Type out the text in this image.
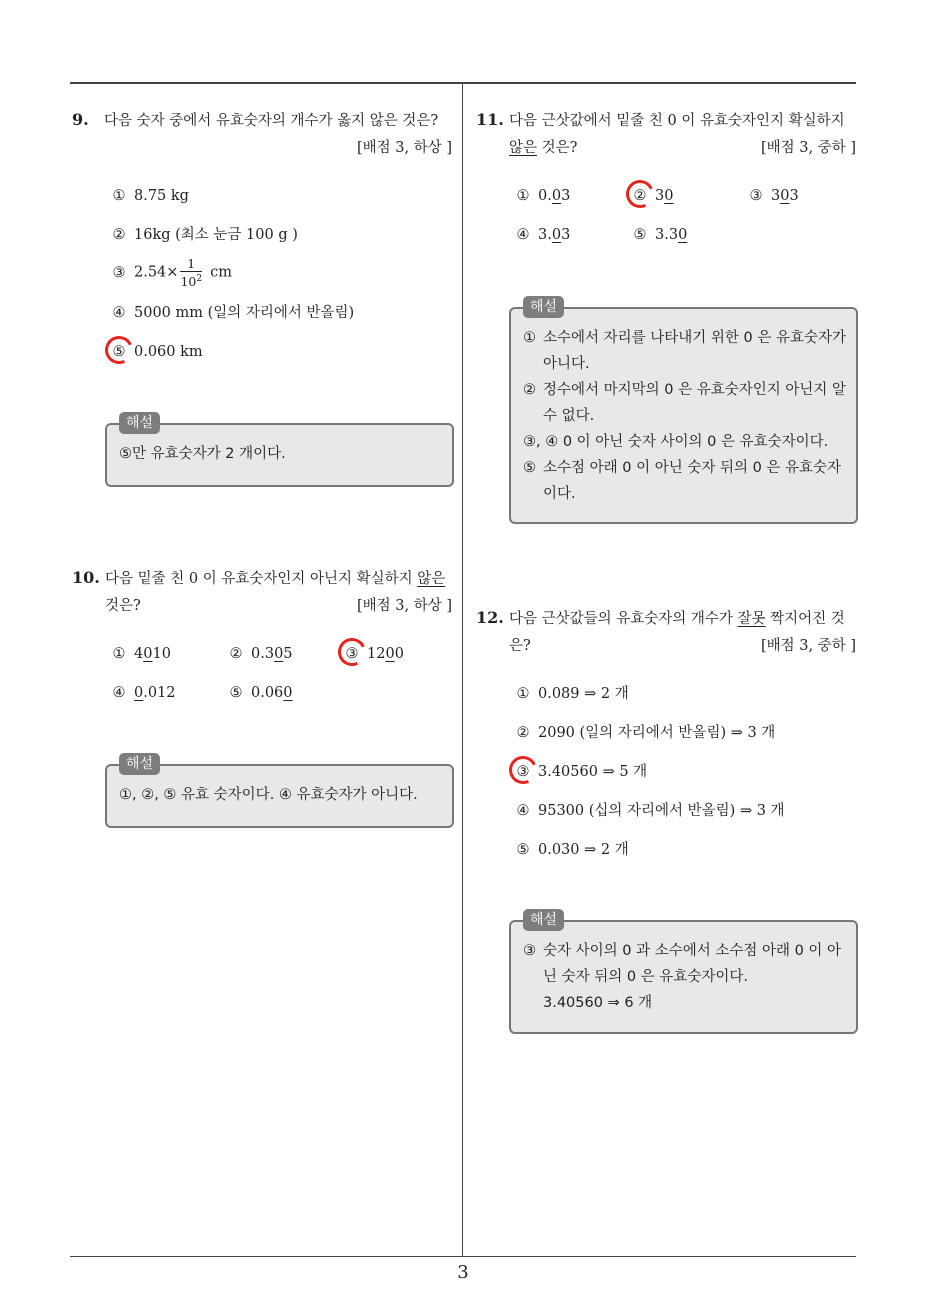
9. 다음 숫자 중에서 유효숫자의 개수가 옳지 않은 것은?
[배점 3, 하상 ]
① 8.75 kg
② 16kg (최소 눈금 100 g )
③ $2.54\times \frac{1}{10^2}$ cm
④ 5000 mm (일의 자리에서 반올림)
⑤ 0.060 km
해설
⑤만 유효숫자가 2 개이다.
10. 다음 밑줄 친 0 이 유효숫자인지 아닌지 확실하지 않은
것은?	[배점 3, 하상 ]
① 4010	② 0.305	③ 1200
④ 0.012	⑤ 0.060
해설
①, ②, ⑤ 유효 숫자이다. ④ 유효숫자가 아니다.
11. 다음 근삿값에서 밑줄 친 0 이 유효숫자인지 확실하지
않은 것은?	[배점 3, 중하 ]
① 0.03	② 30	③ 303
④ 3.03	⑤ 3.30
해설
① 소수에서 자리를 나타내기 위한 0 은 유효숫자가 아니다.
② 정수에서 마지막의 0 은 유효숫자인지 아닌지 알 수 없다.
③, ④ 0 이 아닌 숫자 사이의 0 은 유효숫자이다.
⑤ 소수점 아래 0 이 아닌 숫자 뒤의 0 은 유효숫자이다.
12. 다음 근삿값들의 유효숫자의 개수가 잘못 짝지어진 것
은?	[배점 3, 중하 ]
① 0.089 ⇒ 2 개
② 2090 (일의 자리에서 반올림) ⇒ 3 개
③ 3.40560 ⇒ 5 개
④ 95300 (십의 자리에서 반올림) ⇒ 3 개
⑤ 0.030 ⇒ 2 개
해설
③ 숫자 사이의 0 과 소수에서 소수점 아래 0 이 아닌 숫자 뒤의 0 은 유효숫자이다.
3.40560 ⇒ 6 개
3
